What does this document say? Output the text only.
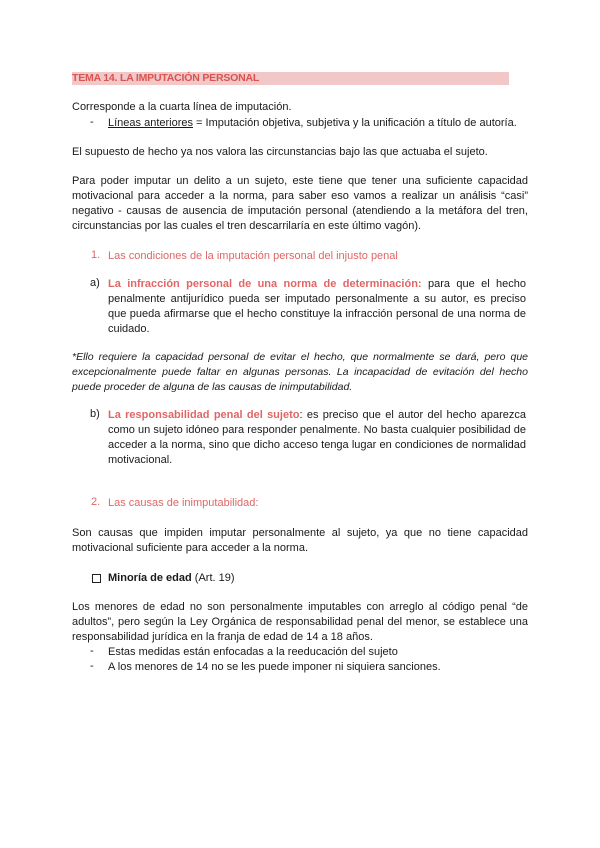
TEMA 14. LA IMPUTACIÓN PERSONAL
Corresponde a la cuarta línea de imputación.
- Líneas anteriores = Imputación objetiva, subjetiva y la unificación a título de autoría.
El supuesto de hecho ya nos valora las circunstancias bajo las que actuaba el sujeto.
Para poder imputar un delito a un sujeto, este tiene que tener una suficiente capacidad motivacional para acceder a la norma, para saber eso vamos a realizar un análisis “casi” negativo - causas de ausencia de imputación personal (atendiendo a la metáfora del tren, circunstancias por las cuales el tren descarrilaría en este último vagón).
1. Las condiciones de la imputación personal del injusto penal
a) La infracción personal de una norma de determinación: para que el hecho penalmente antijurídico pueda ser imputado personalmente a su autor, es preciso que pueda afirmarse que el hecho constituye la infracción personal de una norma de cuidado.
*Ello requiere la capacidad personal de evitar el hecho, que normalmente se dará, pero que excepcionalmente puede faltar en algunas personas. La incapacidad de evitación del hecho puede proceder de alguna de las causas de inimputabilidad.
b) La responsabilidad penal del sujeto: es preciso que el autor del hecho aparezca como un sujeto idóneo para responder penalmente. No basta cualquier posibilidad de acceder a la norma, sino que dicho acceso tenga lugar en condiciones de normalidad motivacional.
2. Las causas de inimputabilidad:
Son causas que impiden imputar personalmente al sujeto, ya que no tiene capacidad motivacional suficiente para acceder a la norma.
Minoría de edad (Art. 19)
Los menores de edad no son personalmente imputables con arreglo al código penal “de adultos”, pero según la Ley Orgánica de responsabilidad penal del menor, se establece una responsabilidad jurídica en la franja de edad de 14 a 18 años.
- Estas medidas están enfocadas a la reeducación del sujeto
- A los menores de 14 no se les puede imponer ni siquiera sanciones.
